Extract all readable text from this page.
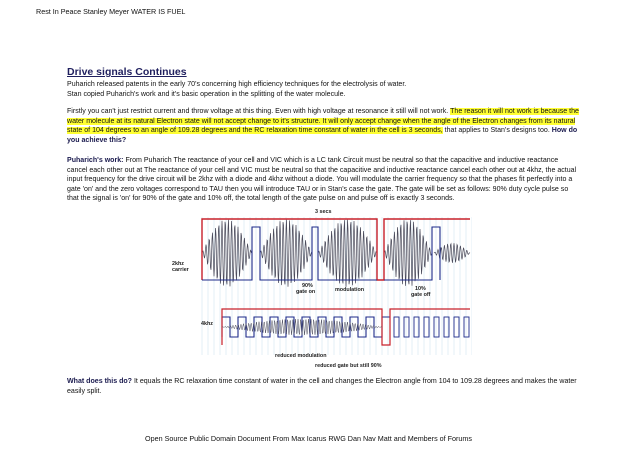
Rest In Peace Stanley Meyer WATER IS FUEL
Drive signals Continues

Puharich released patents in the early 70's concerning high efficiency techniques for the electrolysis of water.
Stan copied Puharich's work and it's basic operation in the splitting of the water molecule.

Firstly you can't just restrict current and throw voltage at this thing. Even with high voltage at resonance it still will not work. The reason it will not work is because the water molecule at its natural Electron state will not accept change to it's structure. It will only accept change when the angle of the Electron changes from its natural state of 104 degrees to an angle of 109.28 degrees and the RC relaxation time constant of water in the cell is 3 seconds, that applies to Stan's designs too. How do you achieve this?

Puharich's work: From Puharich The reactance of your cell and VIC which is a LC tank Circuit must be neutral so that the capacitive and inductive reactance cancel each other out at The reactance of your cell and VIC must be neutral so that the capacitive and inductive reactance cancel each other out at 4khz, the actual input frequency for the drive circuit will be 2khz with a diode and 4khz without a diode. You will modulate the carrier frequency so that the phases fit perfectly into a gate 'on' and the zero voltages correspond to TAU then you will introduce TAU or in Stan's case the gate. The gate will be set as follows: 90% duty cycle pulse so that the signal is 'on' for 90% of the gate and 10% off, the total length of the gate pulse on and pulse off is exactly 3 seconds.

3 secs
2khz
carrier
90%
gate on	modulation	10%
gate off
4khz
reduced modulation
reduced gate but still 90%

What does this do? It equals the RC relaxation time constant of water in the cell and changes the Electron angle from 104 to 109.28 degrees and makes the water easily split.

Open Source Public Domain Document From Max Icarus RWG Dan Nav Matt and Members of Forums
